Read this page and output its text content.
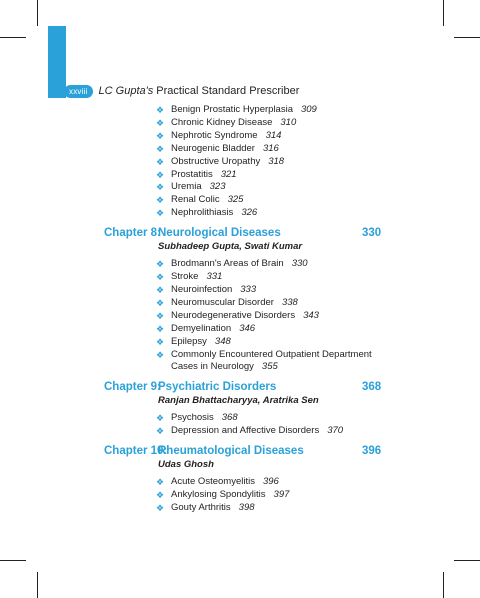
xxviii	LC Gupta's Practical Standard Prescriber
❖ Benign Prostatic Hyperplasia 309
❖ Chronic Kidney Disease 310
❖ Nephrotic Syndrome 314
❖ Neurogenic Bladder 316
❖ Obstructive Uropathy 318
❖ Prostatitis 321
❖ Uremia 323
❖ Renal Colic 325
❖ Nephrolithiasis 326
Chapter 8:
Neurological Diseases	330
Subhadeep Gupta, Swati Kumar
❖ Brodmann's Areas of Brain 330
❖ Stroke 331
❖ Neuroinfection 333
❖ Neuromuscular Disorder 338
❖ Neurodegenerative Disorders 343
❖ Demyelination 346
❖ Epilepsy 348
❖ Commonly Encountered Outpatient Department Cases in Neurology 355
Chapter 9:
Psychiatric Disorders	368
Ranjan Bhattacharyya, Aratrika Sen
❖ Psychosis 368
❖ Depression and Affective Disorders 370
Chapter 10:
Rheumatological Diseases	396
Udas Ghosh
❖ Acute Osteomyelitis 396
❖ Ankylosing Spondylitis 397
❖ Gouty Arthritis 398
